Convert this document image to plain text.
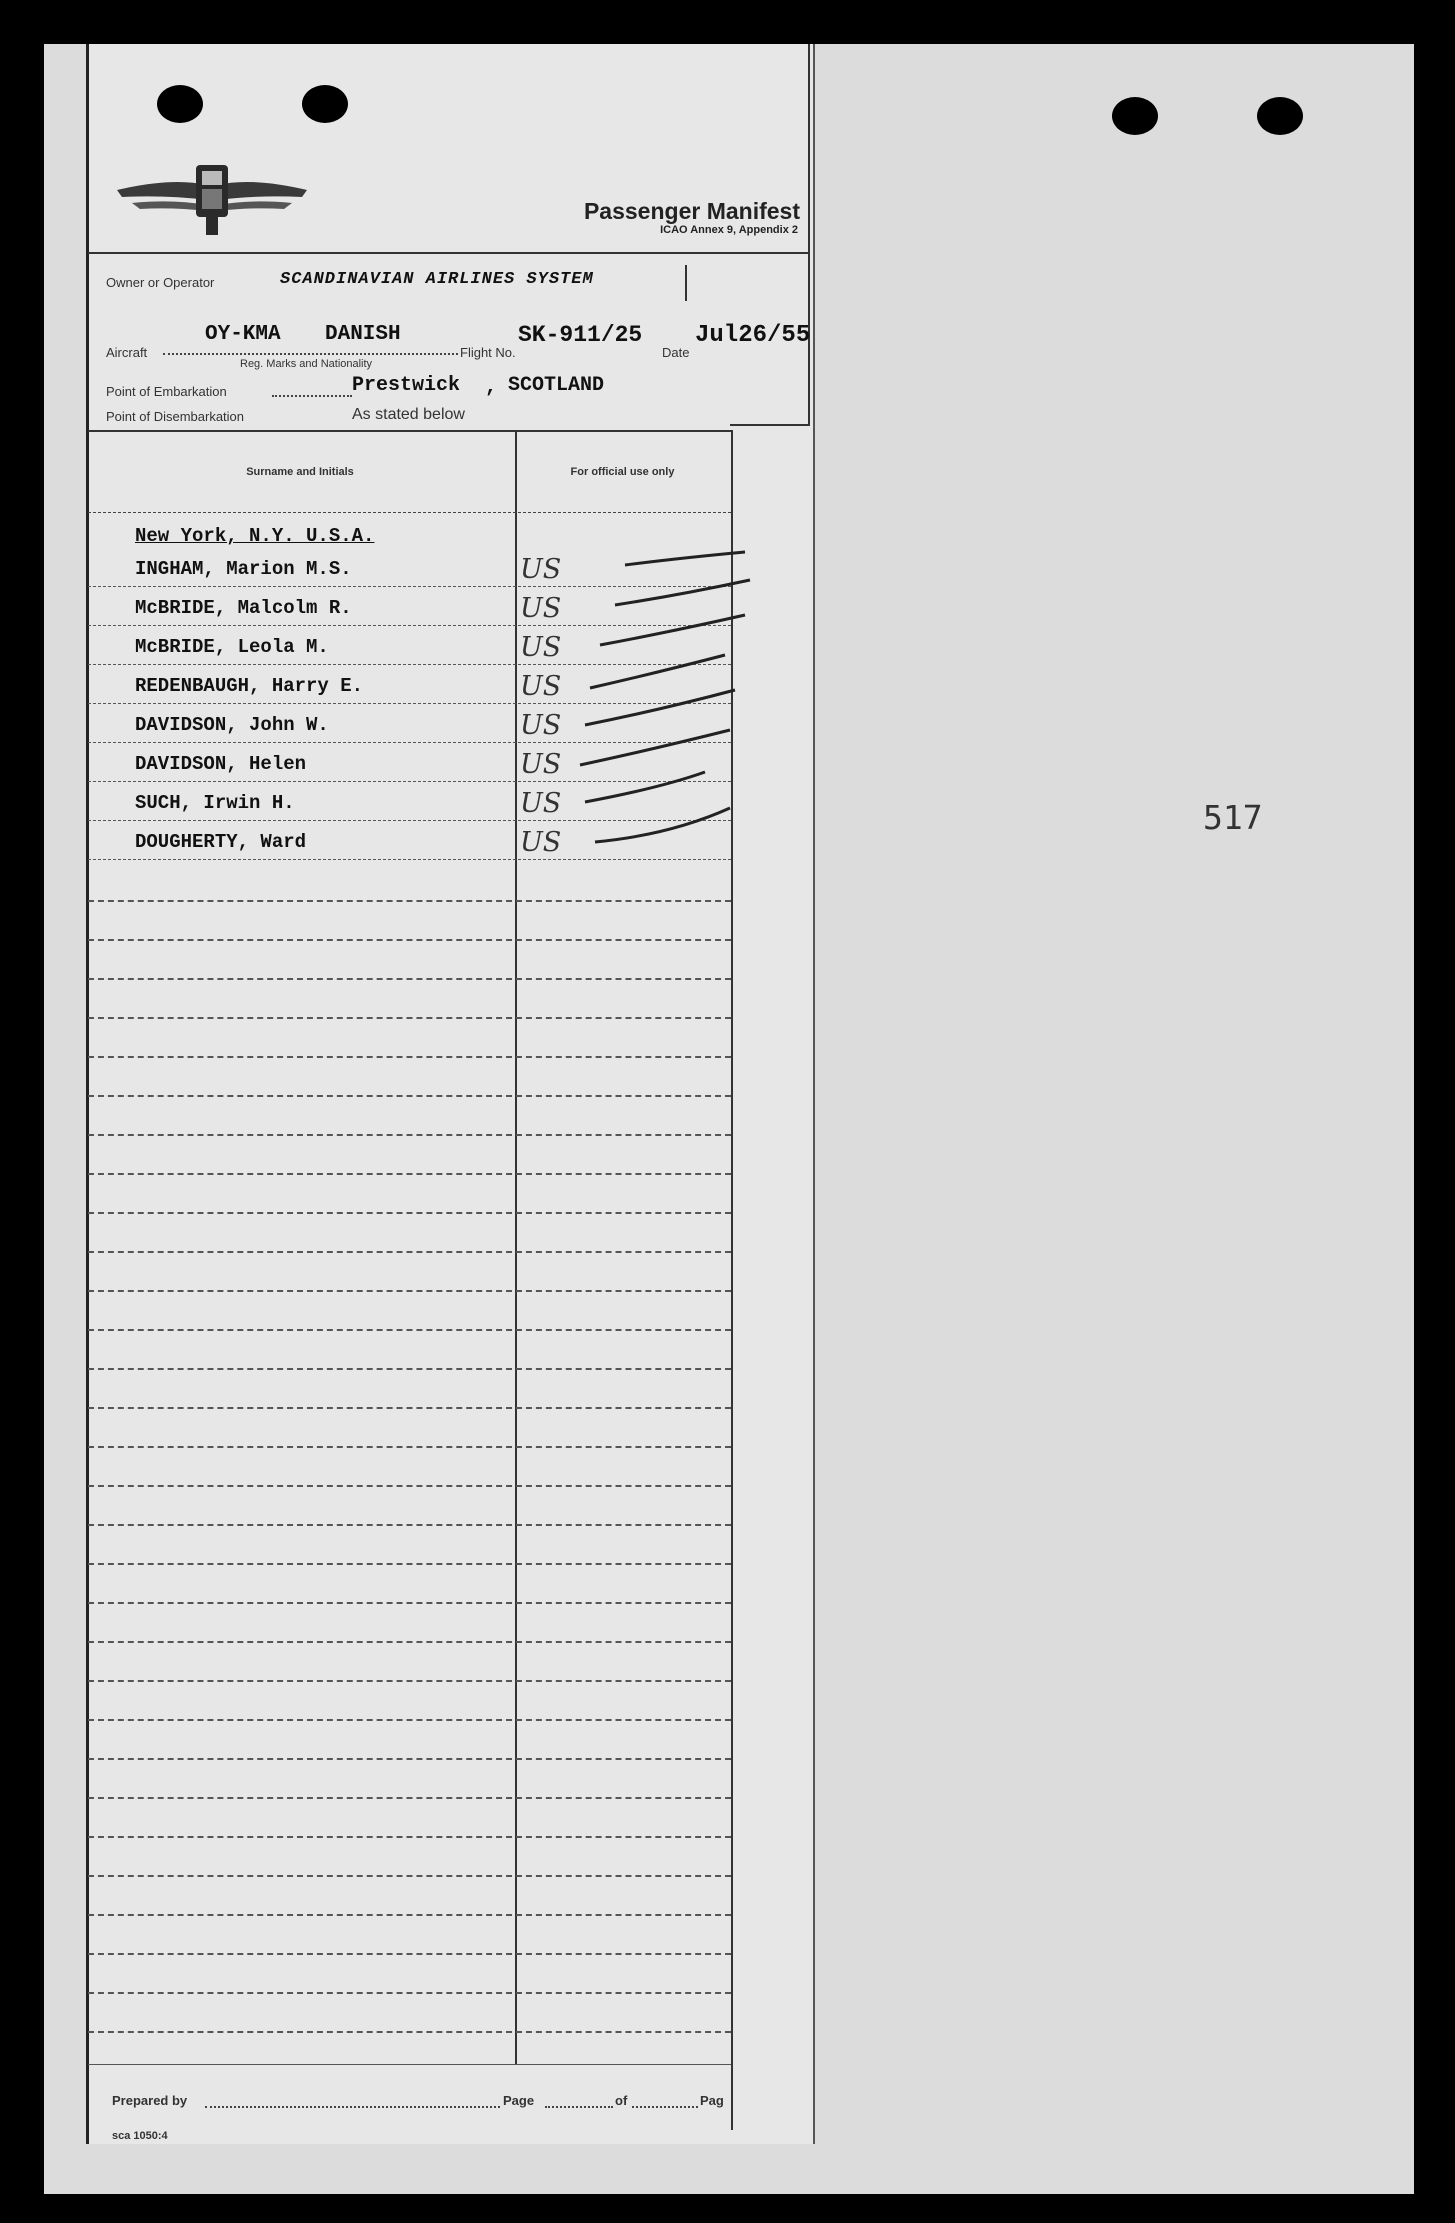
Passenger Manifest
ICAO Annex 9, Appendix 2
Owner or Operator	SCANDINAVIAN AIRLINES SYSTEM
Aircraft
OY-KMA DANISH
Flight No.
SK-911/25
Date
Jul26/55
Reg. Marks and Nationality
Point of Embarkation	Prestwick , SCOTLAND
Point of Disembarkation	As stated below
Surname and Initials	For official use only
New York, N.Y. U.S.A.
INGHAM, Marion M.S.	US
McBRIDE, Malcolm R.	US
McBRIDE, Leola M.	US
REDENBAUGH, Harry E.	US
DAVIDSON, John W.	US
DAVIDSON, Helen	US
SUCH, Irwin H.	US
DOUGHERTY, Ward	US
Prepared by	Page	of	Pag
sca 1050:4
517
